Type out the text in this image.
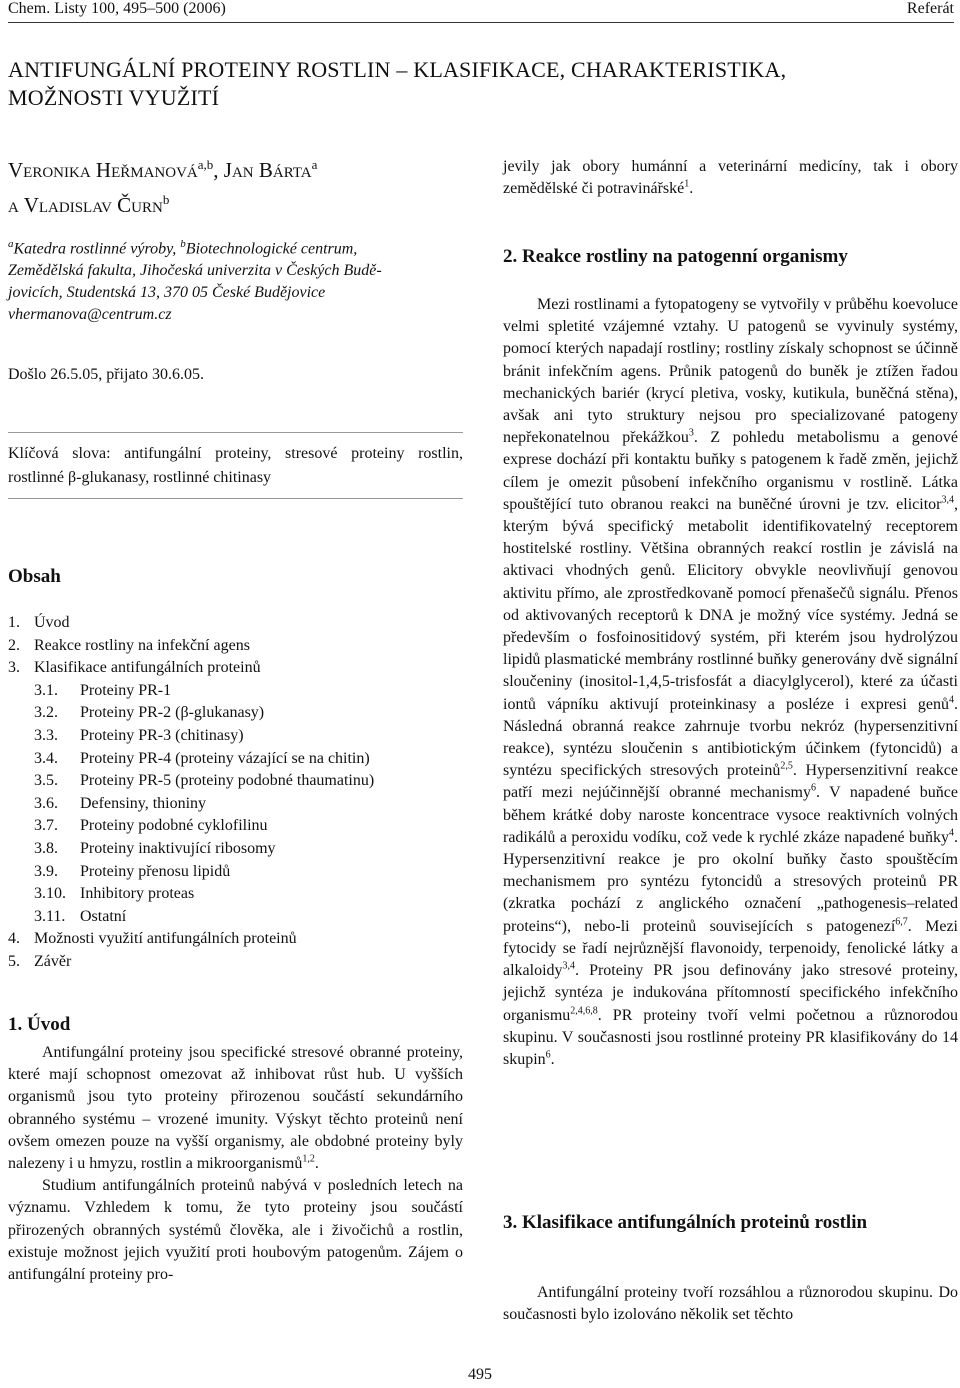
Chem. Listy 100, 495–500 (2006)	Referát
ANTIFUNGÁLNÍ PROTEINY ROSTLIN – KLASIFIKACE, CHARAKTERISTIKA,
MOŽNOSTI VYUŽITÍ
Veronika Heřmanová$^{a,b}$, Jan Bárta$^a$
a Vladislav Čurn$^b$
$^a$Katedra rostlinné výroby, $^b$Biotechnologické centrum,
Zemědělská fakulta, Jihočeská univerzita v Českých Budě-
jovicích, Studentská 13, 370 05 České Budějovice
vhermanova@centrum.cz
Došlo 26.5.05, přijato 30.6.05.
Klíčová slova: antifungální proteiny, stresové proteiny rostlin, rostlinné β-glukanasy, rostlinné chitinasy
Obsah
1. Úvod
2. Reakce rostliny na infekční agens
3. Klasifikace antifungálních proteinů
3.1. Proteiny PR-1
3.2. Proteiny PR-2 (β-glukanasy)
3.3. Proteiny PR-3 (chitinasy)
3.4. Proteiny PR-4 (proteiny vázající se na chitin)
3.5. Proteiny PR-5 (proteiny podobné thaumatinu)
3.6. Defensiny, thioniny
3.7. Proteiny podobné cyklofilinu
3.8. Proteiny inaktivující ribosomy
3.9. Proteiny přenosu lipidů
3.10. Inhibitory proteas
3.11. Ostatní
4. Možnosti využití antifungálních proteinů
5. Závěr
1. Úvod

Antifungální proteiny jsou specifické stresové obranné proteiny, které mají schopnost omezovat až inhibovat růst hub. U vyšších organismů jsou tyto proteiny přirozenou součástí sekundárního obranného systému – vrozené imunity. Výskyt těchto proteinů není ovšem omezen pouze na vyšší organismy, ale obdobné proteiny byly nalezeny i u hmyzu, rostlin a mikroorganismů$^{1,2}$.

Studium antifungálních proteinů nabývá v posledních letech na významu. Vzhledem k tomu, že tyto proteiny jsou součástí přirozených obranných systémů člověka, ale i živočichů a rostlin, existuje možnost jejich využití proti houbovým patogenům. Zájem o antifungální proteiny pro-

jevily jak obory humánní a veterinární medicíny, tak i obory zemědělské či potravinářské$^1$.

2. Reakce rostliny na patogenní organismy

Mezi rostlinami a fytopatogeny se vytvořily v průběhu koevoluce velmi spletité vzájemné vztahy. U patogenů se vyvinuly systémy, pomocí kterých napadají rostliny; rostliny získaly schopnost se účinně bránit infekčním agens. Průnik patogenů do buněk je ztížen řadou mechanických bariér (krycí pletiva, vosky, kutikula, buněčná stěna), avšak ani tyto struktury nejsou pro specializované patogeny nepřekonatelnou překážkou$^3$. Z pohledu metabolismu a genové exprese dochází při kontaktu buňky s patogenem k řadě změn, jejichž cílem je omezit působení infekčního organismu v rostlině. Látka spouštějící tuto obranou reakci na buněčné úrovni je tzv. elicitor$^{3,4}$, kterým bývá specifický metabolit identifikovatelný receptorem hostitelské rostliny. Většina obranných reakcí rostlin je závislá na aktivaci vhodných genů. Elicitory obvykle neovlivňují genovou aktivitu přímo, ale zprostředkovaně pomocí přenašečů signálu. Přenos od aktivovaných receptorů k DNA je možný více systémy. Jedná se především o fosfoinositidový systém, při kterém jsou hydrolýzou lipidů plasmatické membrány rostlinné buňky generovány dvě signální sloučeniny (inositol-1,4,5-trisfosfát a diacylglycerol), které za účasti iontů vápníku aktivují proteinkinasy a posléze i expresi genů$^4$. Následná obranná reakce zahrnuje tvorbu nekróz (hypersenzitivní reakce), syntézu sloučenin s antibiotickým účinkem (fytoncidů) a syntézu specifických stresových proteinů$^{2,5}$. Hypersenzitivní reakce patří mezi nejúčinnější obranné mechanismy$^6$. V napadené buňce během krátké doby naroste koncentrace vysoce reaktivních volných radikálů a peroxidu vodíku, což vede k rychlé zkáze napadené buňky$^4$. Hypersenzitivní reakce je pro okolní buňky často spouštěcím mechanismem pro syntézu fytoncidů a stresových proteinů PR (zkratka pochází z anglického označení „pathogenesis–related proteins“), nebo-li proteinů souvisejících s patogenezí$^{6,7}$. Mezi fytocidy se řadí nejrůznější flavonoidy, terpenoidy, fenolické látky a alkaloidy$^{3,4}$. Proteiny PR jsou definovány jako stresové proteiny, jejichž syntéza je indukována přítomností specifického infekčního organismu$^{2,4,6,8}$. PR proteiny tvoří velmi početnou a různorodou skupinu. V současnosti jsou rostlinné proteiny PR klasifikovány do 14 skupin$^6$.

3. Klasifikace antifungálních proteinů rostlin

Antifungální proteiny tvoří rozsáhlou a různorodou skupinu. Do současnosti bylo izolováno několik set těchto

495
